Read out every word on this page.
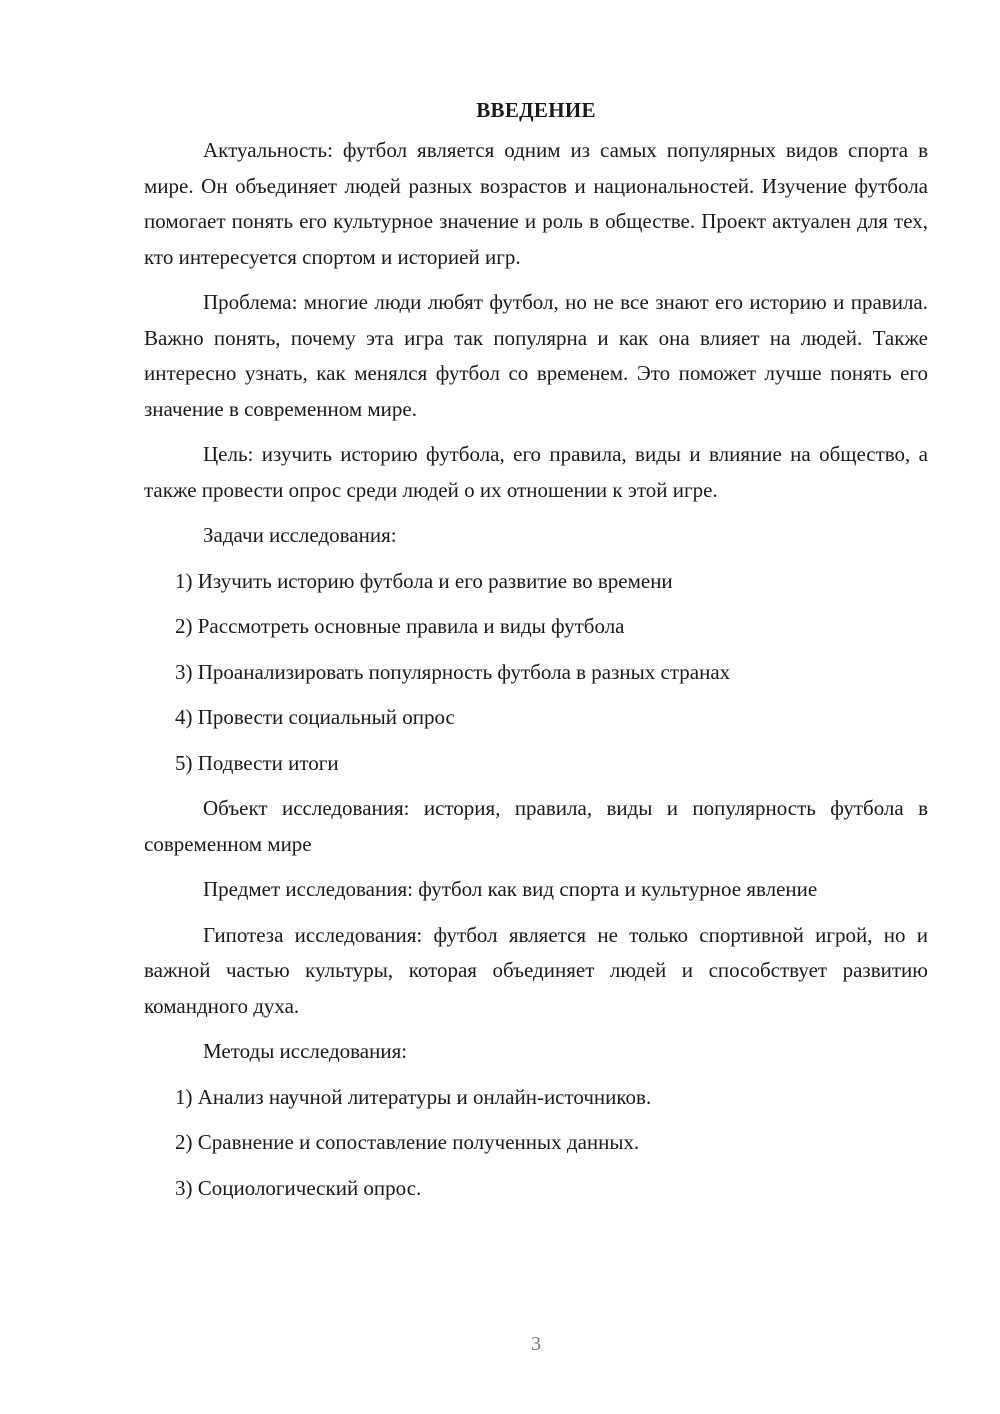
ВВЕДЕНИЕ

Актуальность: футбол является одним из самых популярных видов спорта в мире. Он объединяет людей разных возрастов и национальностей. Изучение футбола помогает понять его культурное значение и роль в обществе. Проект актуален для тех, кто интересуется спортом и историей игр.

Проблема: многие люди любят футбол, но не все знают его историю и правила. Важно понять, почему эта игра так популярна и как она влияет на людей. Также интересно узнать, как менялся футбол со временем. Это поможет лучше понять его значение в современном мире.

Цель: изучить историю футбола, его правила, виды и влияние на общество, а также провести опрос среди людей о их отношении к этой игре.

Задачи исследования:
1) Изучить историю футбола и его развитие во времени
2) Рассмотреть основные правила и виды футбола
3) Проанализировать популярность футбола в разных странах
4) Провести социальный опрос
5) Подвести итоги

Объект исследования: история, правила, виды и популярность футбола в современном мире

Предмет исследования: футбол как вид спорта и культурное явление

Гипотеза исследования: футбол является не только спортивной игрой, но и важной частью культуры, которая объединяет людей и способствует развитию командного духа.

Методы исследования:
1) Анализ научной литературы и онлайн-источников.
2) Сравнение и сопоставление полученных данных.
3) Социологический опрос.
3
